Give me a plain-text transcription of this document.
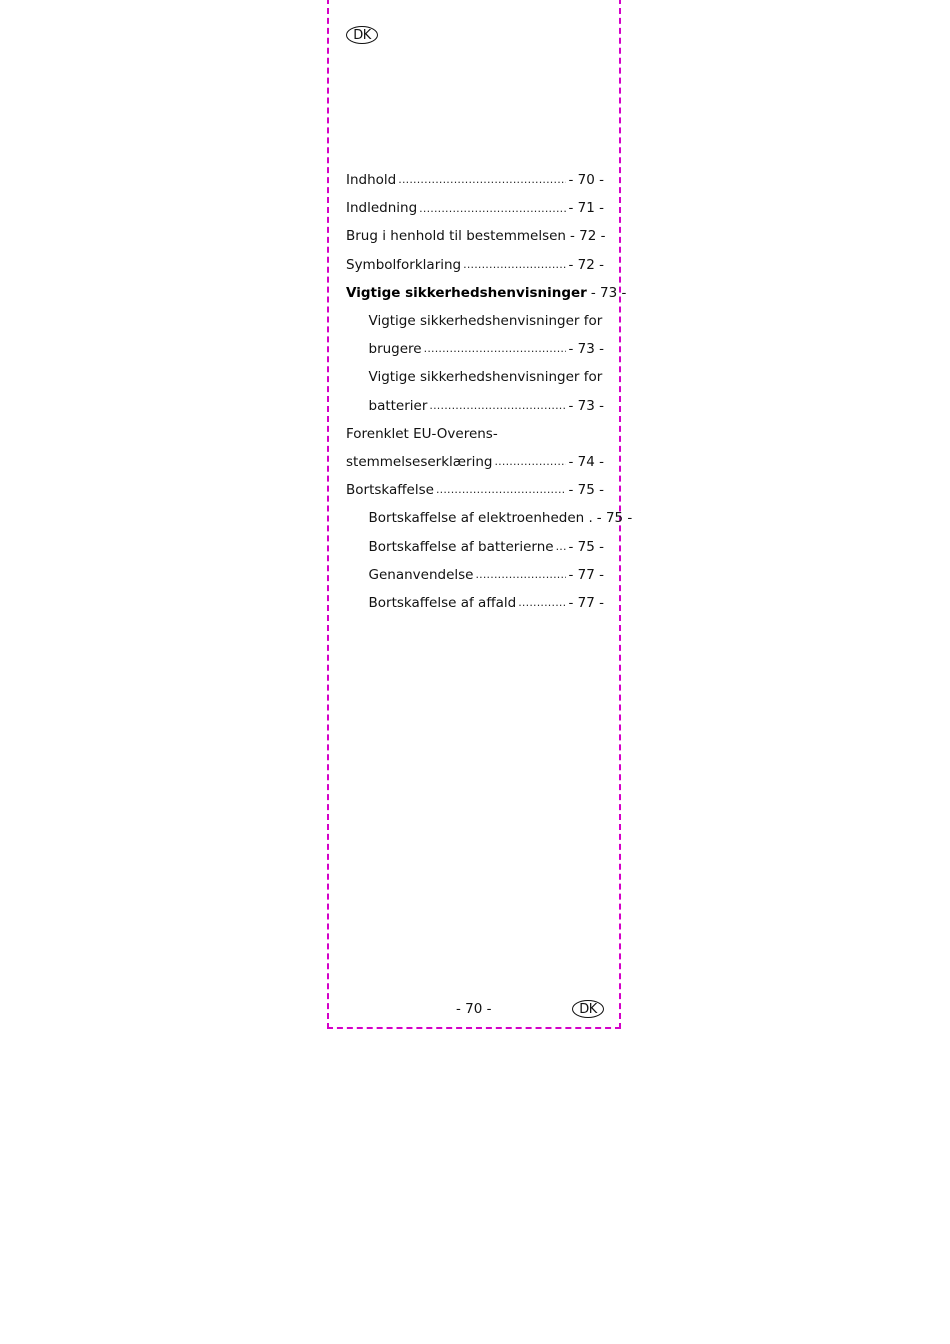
DK
Indhold .....	- 70 -
Indledning .....	- 71 -
Brug i henhold til bestemmelsen - 72 -
Symbolforklaring .....	- 72 -
Vigtige sikkerhedshenvisninger - 73 -
Vigtige sikkerhedshenvisninger for
brugere .....	- 73 -
Vigtige sikkerhedshenvisninger for
batterier .....	- 73 -
Forenklet EU-Overens-
stemmelseserklæring .....	- 74 -
Bortskaffelse .....	- 75 -
Bortskaffelse af elektroenheden . - 75 -
Bortskaffelse af batterierne ..... - 75 -
Genanvendelse .....	- 77 -
Bortskaffelse af affald .....	- 77 -
- 70 -	DK
